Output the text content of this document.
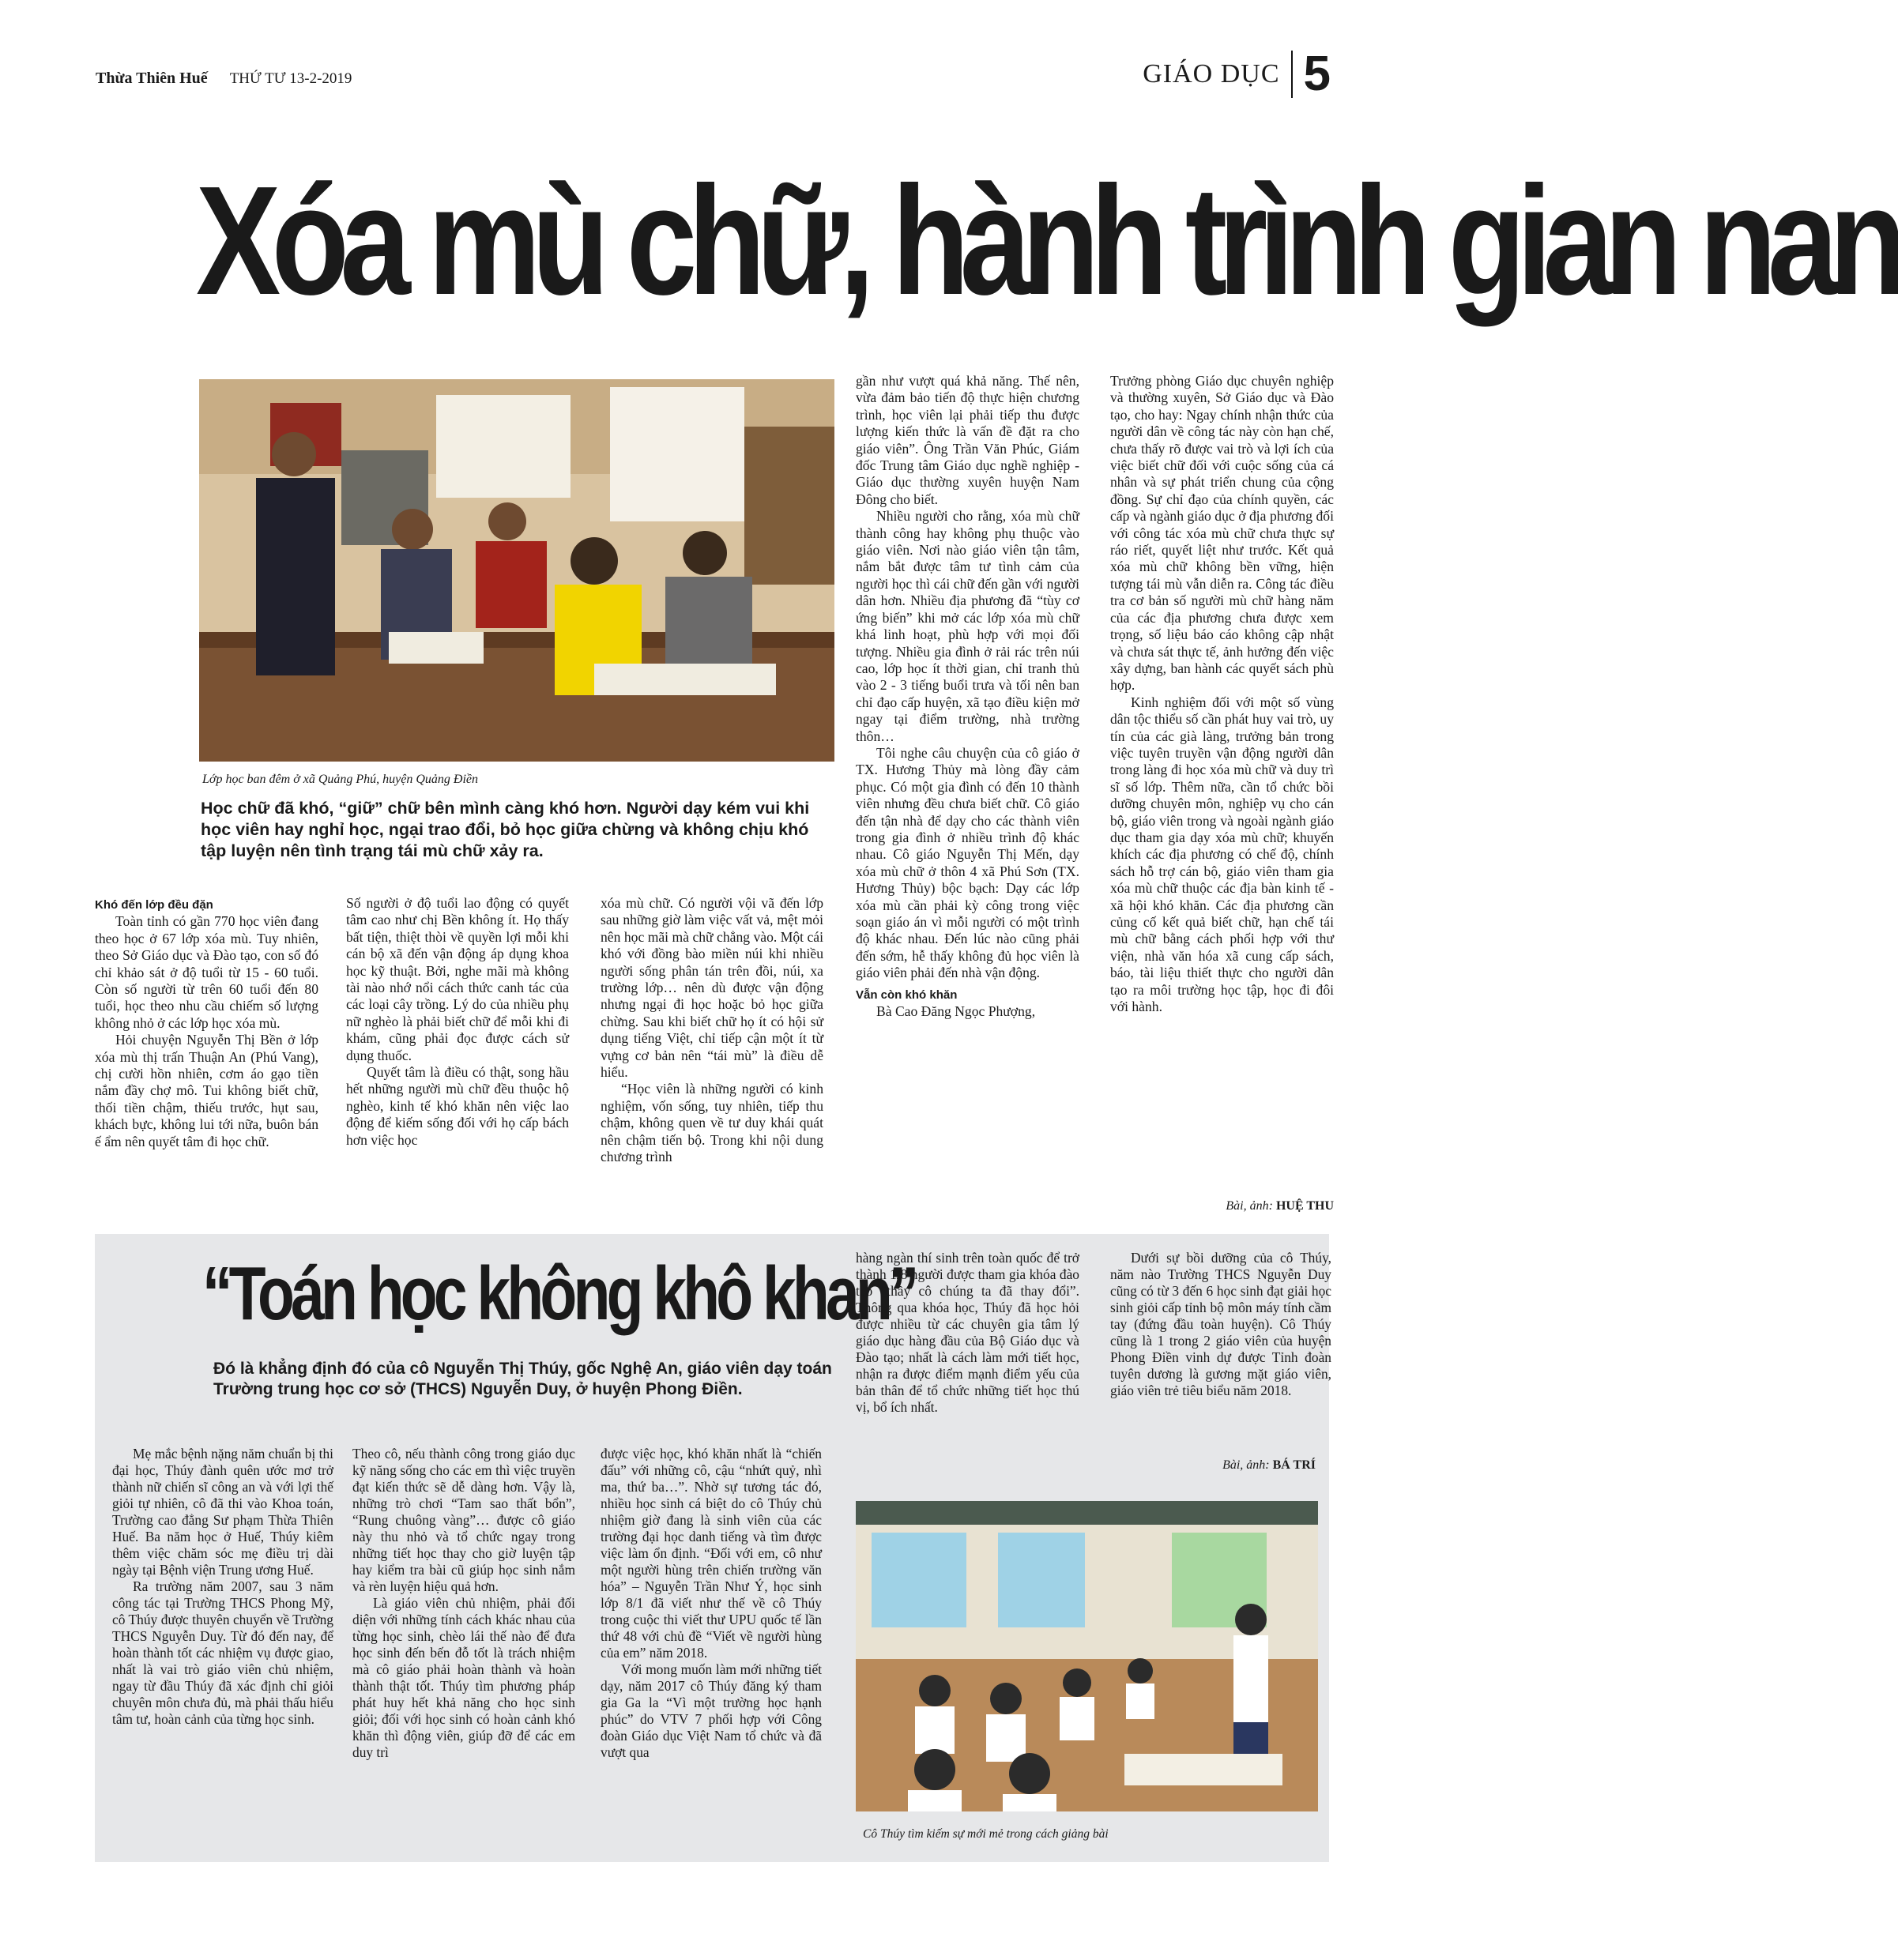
Thừa Thiên Huế THỨ TƯ 13-2-2019	GIÁO DỤC 5
Xóa mù chữ, hành trình gian nan
Lớp học ban đêm ở xã Quảng Phú, huyện Quảng Điền
Học chữ đã khó, “giữ” chữ bên mình càng khó hơn. Người dạy kém vui khi học viên hay nghỉ học, ngại trao đổi, bỏ học giữa chừng và không chịu khó tập luyện nên tình trạng tái mù chữ xảy ra.

Khó đến lớp đều đặn

Toàn tỉnh có gần 770 học viên đang theo học ở 67 lớp xóa mù. Tuy nhiên, theo Sở Giáo dục và Đào tạo, con số đó chỉ khảo sát ở độ tuổi từ 15 - 60 tuổi. Còn số người từ trên 60 tuổi đến 80 tuổi, học theo nhu cầu chiếm số lượng không nhỏ ở các lớp học xóa mù.

Hỏi chuyện Nguyễn Thị Bền ở lớp xóa mù thị trấn Thuận An (Phú Vang), chị cười hồn nhiên, cơm áo gạo tiền nắm đầy chợ mô. Tui không biết chữ, thối tiền chậm, thiếu trước, hụt sau, khách bực, không lui tới nữa, buôn bán ế ẩm nên quyết tâm đi học chữ.

Số người ở độ tuổi lao động có quyết tâm cao như chị Bền không ít. Họ thấy bất tiện, thiệt thòi về quyền lợi mỗi khi cán bộ xã đến vận động áp dụng khoa học kỹ thuật. Bởi, nghe mãi mà không tài nào nhớ nổi cách thức canh tác của các loại cây trồng. Lý do của nhiều phụ nữ nghèo là phải biết chữ để mỗi khi đi khám, cũng phải đọc được cách sử dụng thuốc.

Quyết tâm là điều có thật, song hầu hết những người mù chữ đều thuộc hộ nghèo, kinh tế khó khăn nên việc lao động để kiếm sống đối với họ cấp bách hơn việc học

xóa mù chữ. Có người vội vã đến lớp sau những giờ làm việc vất vả, mệt mỏi nên học mãi mà chữ chẳng vào. Một cái khó với đồng bào miền núi khi nhiều người sống phân tán trên đồi, núi, xa trường lớp… nên dù được vận động nhưng ngại đi học hoặc bỏ học giữa chừng. Sau khi biết chữ họ ít có hội sử dụng tiếng Việt, chỉ tiếp cận một ít từ vựng cơ bản nên “tái mù” là điều dễ hiểu.

“Học viên là những người có kinh nghiệm, vốn sống, tuy nhiên, tiếp thu chậm, không quen về tư duy khái quát nên chậm tiến bộ. Trong khi nội dung chương trình

gần như vượt quá khả năng. Thế nên, vừa đảm bảo tiến độ thực hiện chương trình, học viên lại phải tiếp thu được lượng kiến thức là vấn đề đặt ra cho giáo viên”. Ông Trần Văn Phúc, Giám đốc Trung tâm Giáo dục nghề nghiệp - Giáo dục thường xuyên huyện Nam Đông cho biết.

Nhiều người cho rằng, xóa mù chữ thành công hay không phụ thuộc vào giáo viên. Nơi nào giáo viên tận tâm, nắm bắt được tâm tư tình cảm của người học thì cái chữ đến gần với người dân hơn. Nhiều địa phương đã “tùy cơ ứng biến” khi mở các lớp xóa mù chữ khá linh hoạt, phù hợp với mọi đối tượng. Nhiều gia đình ở rải rác trên núi cao, lớp học ít thời gian, chỉ tranh thủ vào 2 - 3 tiếng buổi trưa và tối nên ban chỉ đạo cấp huyện, xã tạo điều kiện mở ngay tại điểm trường, nhà trường thôn…

Tôi nghe câu chuyện của cô giáo ở TX. Hương Thủy mà lòng đầy cảm phục. Có một gia đình có đến 10 thành viên nhưng đều chưa biết chữ. Cô giáo đến tận nhà để dạy cho các thành viên trong gia đình ở nhiều trình độ khác nhau. Cô giáo Nguyễn Thị Mến, dạy xóa mù chữ ở thôn 4 xã Phú Sơn (TX. Hương Thủy) bộc bạch: Dạy các lớp xóa mù cần phải kỳ công trong việc soạn giáo án vì mỗi người có một trình độ khác nhau. Đến lúc nào cũng phải đến sớm, hễ thấy không đủ học viên là giáo viên phải đến nhà vận động.

Vẫn còn khó khăn

Bà Cao Đăng Ngọc Phượng,

Trưởng phòng Giáo dục chuyên nghiệp và thường xuyên, Sở Giáo dục và Đào tạo, cho hay: Ngay chính nhận thức của người dân về công tác này còn hạn chế, chưa thấy rõ được vai trò và lợi ích của việc biết chữ đối với cuộc sống của cá nhân và sự phát triển chung của cộng đồng. Sự chỉ đạo của chính quyền, các cấp và ngành giáo dục ở địa phương đối với công tác xóa mù chữ chưa thực sự ráo riết, quyết liệt như trước. Kết quả xóa mù chữ không bền vững, hiện tượng tái mù vẫn diễn ra. Công tác điều tra cơ bản số người mù chữ hàng năm của các địa phương chưa được xem trọng, số liệu báo cáo không cập nhật và chưa sát thực tế, ảnh hưởng đến việc xây dựng, ban hành các quyết sách phù hợp.

Kinh nghiệm đối với một số vùng dân tộc thiểu số cần phát huy vai trò, uy tín của các già làng, trưởng bản trong việc tuyên truyền vận động người dân trong làng đi học xóa mù chữ và duy trì sĩ số lớp. Thêm nữa, cần tổ chức bồi dưỡng chuyên môn, nghiệp vụ cho cán bộ, giáo viên trong và ngoài ngành giáo dục tham gia dạy xóa mù chữ; khuyến khích các địa phương có chế độ, chính sách hỗ trợ cán bộ, giáo viên tham gia xóa mù chữ thuộc các địa bàn kinh tế - xã hội khó khăn. Các địa phương cần củng cố kết quả biết chữ, hạn chế tái mù chữ bằng cách phối hợp với thư viện, nhà văn hóa xã cung cấp sách, báo, tài liệu thiết thực cho người dân tạo ra môi trường học tập, học đi đôi với hành.

Bài, ảnh: HUỆ THU
“Toán học không khô khan”
Đó là khẳng định đó của cô Nguyễn Thị Thúy, gốc Nghệ An, giáo viên dạy toán Trường trung học cơ sở (THCS) Nguyễn Duy, ở huyện Phong Điền.

Mẹ mắc bệnh nặng năm chuẩn bị thi đại học, Thúy đành quên ước mơ trở thành nữ chiến sĩ công an và với lợi thế giỏi tự nhiên, cô đã thi vào Khoa toán, Trường cao đẳng Sư phạm Thừa Thiên Huế. Ba năm học ở Huế, Thúy kiêm thêm việc chăm sóc mẹ điều trị dài ngày tại Bệnh viện Trung ương Huế.

Ra trường năm 2007, sau 3 năm công tác tại Trường THCS Phong Mỹ, cô Thúy được thuyên chuyển về Trường THCS Nguyễn Duy. Từ đó đến nay, để hoàn thành tốt các nhiệm vụ được giao, nhất là vai trò giáo viên chủ nhiệm, ngay từ đầu Thúy đã xác định chỉ giỏi chuyên môn chưa đủ, mà phải thấu hiểu tâm tư, hoàn cảnh của từng học sinh.

Theo cô, nếu thành công trong giáo dục kỹ năng sống cho các em thì việc truyền đạt kiến thức sẽ dễ dàng hơn. Vậy là, những trò chơi “Tam sao thất bổn”, “Rung chuông vàng”… được cô giáo này thu nhỏ và tổ chức ngay trong những tiết học thay cho giờ luyện tập hay kiểm tra bài cũ giúp học sinh nắm và rèn luyện hiệu quả hơn.

Là giáo viên chủ nhiệm, phải đối diện với những tính cách khác nhau của từng học sinh, chèo lái thế nào để đưa học sinh đến bến đỗ tốt là trách nhiệm mà cô giáo phải hoàn thành và hoàn thành thật tốt. Thúy tìm phương pháp phát huy hết khả năng cho học sinh giỏi; đối với học sinh có hoàn cảnh khó khăn thì động viên, giúp đỡ để các em duy trì

được việc học, khó khăn nhất là “chiến đấu” với những cô, cậu “nhứt quỷ, nhì ma, thứ ba…”. Nhờ sự tương tác đó, nhiều học sinh cá biệt do cô Thúy chủ nhiệm giờ đang là sinh viên của các trường đại học danh tiếng và tìm được việc làm ổn định. “Đối với em, cô như một người hùng trên chiến trường văn hóa” – Nguyễn Trần Như Ý, học sinh lớp 8/1 đã viết như thế về cô Thúy trong cuộc thi viết thư UPU quốc tế lần thứ 48 với chủ đề “Viết về người hùng của em” năm 2018.

Với mong muốn làm mới những tiết dạy, năm 2017 cô Thúy đăng ký tham gia Ga la “Vì một trường học hạnh phúc” do VTV 7 phối hợp với Công đoàn Giáo dục Việt Nam tổ chức và đã vượt qua

hàng ngàn thí sinh trên toàn quốc để trở thành 1/8 người được tham gia khóa đào tạo “thầy cô chúng ta đã thay đổi”. Thông qua khóa học, Thúy đã học hỏi được nhiều từ các chuyên gia tâm lý giáo dục hàng đầu của Bộ Giáo dục và Đào tạo; nhất là cách làm mới tiết học, nhận ra được điểm mạnh điểm yếu của bản thân để tổ chức những tiết học thú vị, bổ ích nhất.

Dưới sự bồi dưỡng của cô Thúy, năm nào Trường THCS Nguyễn Duy cũng có từ 3 đến 6 học sinh đạt giải học sinh giỏi cấp tỉnh bộ môn máy tính cầm tay (đứng đầu toàn huyện). Cô Thúy cũng là 1 trong 2 giáo viên của huyện Phong Điền vinh dự được Tỉnh đoàn tuyên dương là gương mặt giáo viên, giáo viên trẻ tiêu biểu năm 2018.

Bài, ảnh: BÁ TRÍ
Cô Thúy tìm kiếm sự mới mẻ trong cách giảng bài
